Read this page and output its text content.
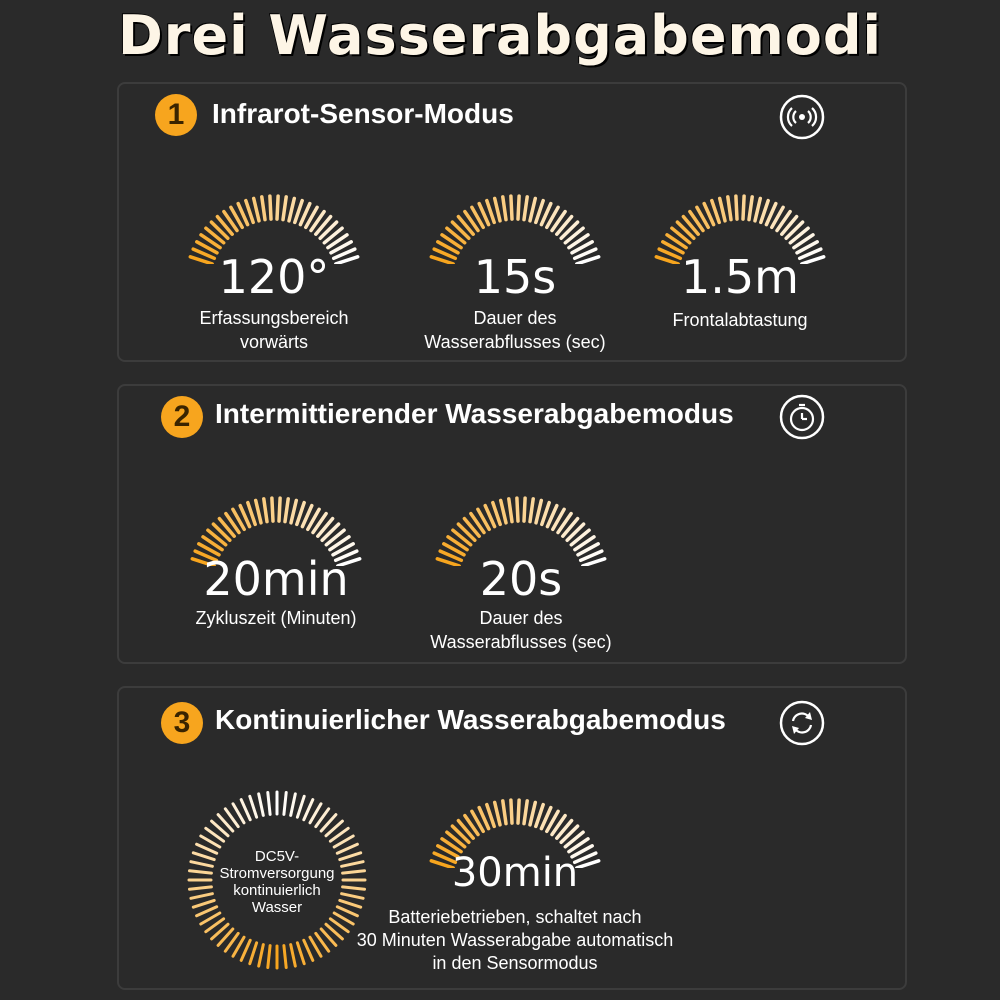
Drei Wasserabgabemodi
1 Infrarot-Sensor-Modus
120°
Erfassungsbereich
vorwärts
15s
Dauer des
Wasserabflusses (sec)
1.5m
Frontalabtastung
2 Intermittierender Wasserabgabemodus
20min
Zykluszeit (Minuten)
20s
Dauer des
Wasserabflusses (sec)
3 Kontinuierlicher Wasserabgabemodus
DC5V-
Stromversorgung
kontinuierlich
Wasser
30min
Batteriebetrieben, schaltet nach
30 Minuten Wasserabgabe automatisch
in den Sensormodus
